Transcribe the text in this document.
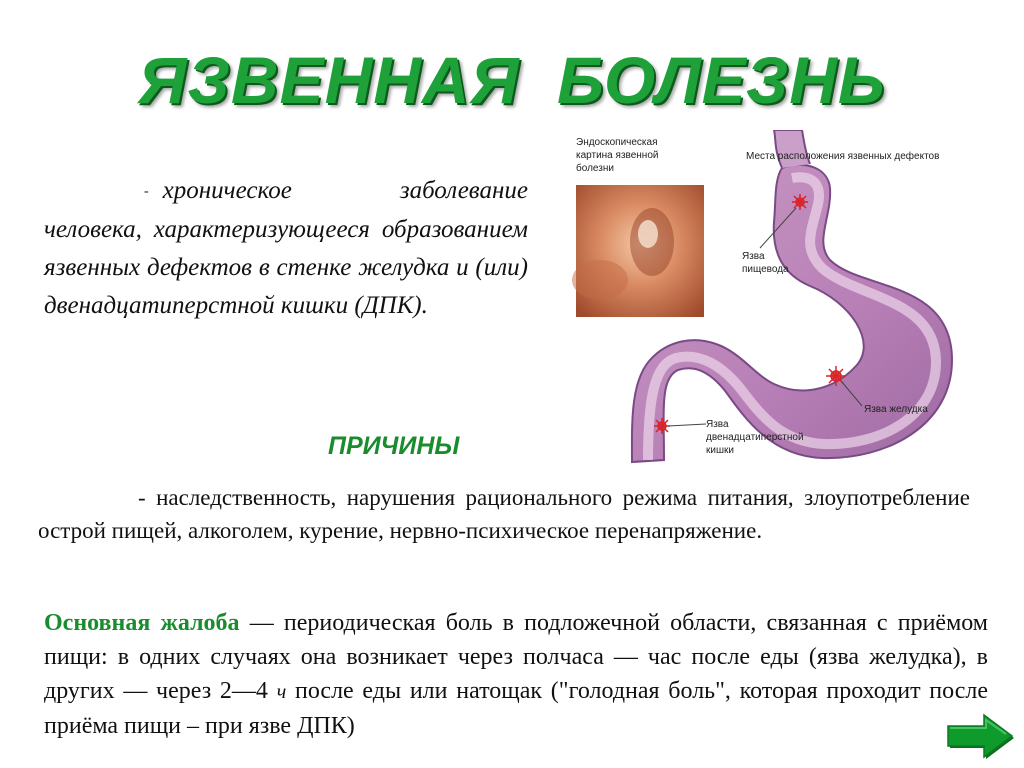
ЯЗВЕННАЯ БОЛЕЗНЬ
- хроническое заболевание человека, характеризующееся образованием язвенных дефектов в стенке желудка и (или) двенадцатиперстной кишки (ДПК).
Эндоскопическая картина язвенной болезни
Места расположения язвенных дефектов
Язва пищевода
Язва желудка
Язва двенадцатиперстной кишки
ПРИЧИНЫ
- наследственность, нарушения рационального режима питания, злоупотребление острой пищей, алкоголем, курение, нервно-психическое перенапряжение.
Основная жалоба — периодическая боль в подложечной области, связанная с приёмом пищи: в одних случаях она возникает через полчаса — час после еды (язва желудка), в других — через 2—4 ч после еды или натощак ("голодная боль", которая проходит после приёма пищи – при язве ДПК)
